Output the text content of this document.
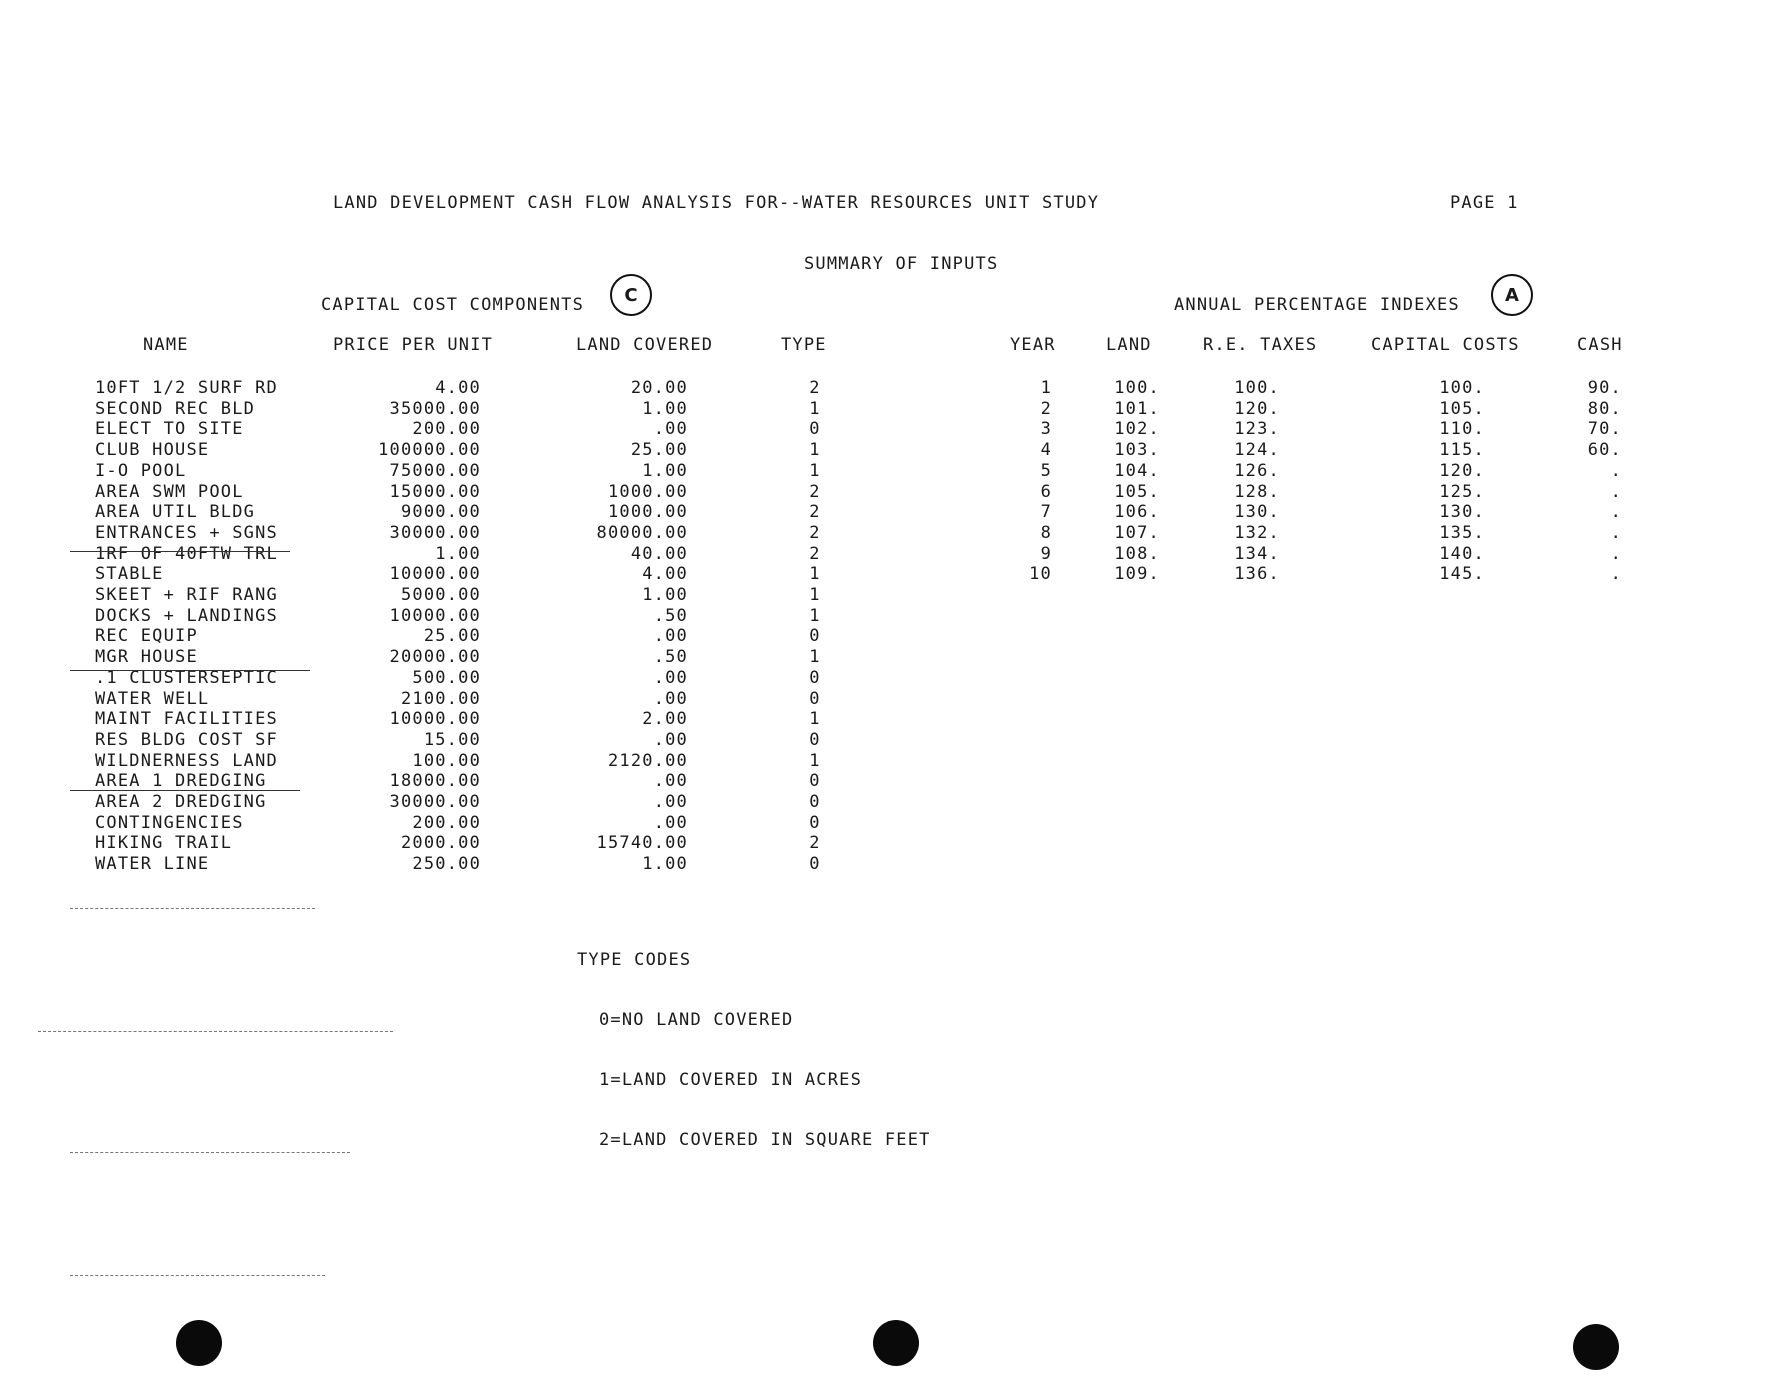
LAND DEVELOPMENT CASH FLOW ANALYSIS FOR--WATER RESOURCES UNIT STUDY	PAGE 1
SUMMARY OF INPUTS
CAPITAL COST COMPONENTS	C	ANNUAL PERCENTAGE INDEXES	A
NAME	PRICE PER UNIT	LAND COVERED	TYPE	YEAR	LAND	R.E. TAXES	CAPITAL COSTS	CASH
10FT 1/2 SURF RD	4.00	20.00	2
SECOND REC BLD	35000.00	1.00	1
ELECT TO SITE	200.00	.00	0
CLUB HOUSE	100000.00	25.00	1
I-O POOL	75000.00	1.00	1
AREA SWM POOL	15000.00	1000.00	2
AREA UTIL BLDG	9000.00	1000.00	2
ENTRANCES + SGNS	30000.00	80000.00	2
1RF OF 40FTW TRL	1.00	40.00	2
STABLE	10000.00	4.00	1
SKEET + RIF RANG	5000.00	1.00	1
DOCKS + LANDINGS	10000.00	.50	1
REC EQUIP	25.00	.00	0
MGR HOUSE	20000.00	.50	1
.1 CLUSTERSEPTIC	500.00	.00	0
WATER WELL	2100.00	.00	0
MAINT FACILITIES	10000.00	2.00	1
RES BLDG COST SF	15.00	.00	0
WILDNERNESS LAND	100.00	2120.00	1
AREA 1 DREDGING	18000.00	.00	0
AREA 2 DREDGING	30000.00	.00	0
CONTINGENCIES	200.00	.00	0
HIKING TRAIL	2000.00	15740.00	2
WATER LINE	250.00	1.00	0
1	100.	100.	100.	90.
2	101.	120.	105.	80.
3	102.	123.	110.	70.
4	103.	124.	115.	60.
5	104.	126.	120.	.
6	105.	128.	125.	.
7	106.	130.	130.	.
8	107.	132.	135.	.
9	108.	134.	140.	.
10	109.	136.	145.	.

TYPE CODES

0=NO LAND COVERED

1=LAND COVERED IN ACRES

2=LAND COVERED IN SQUARE FEET
